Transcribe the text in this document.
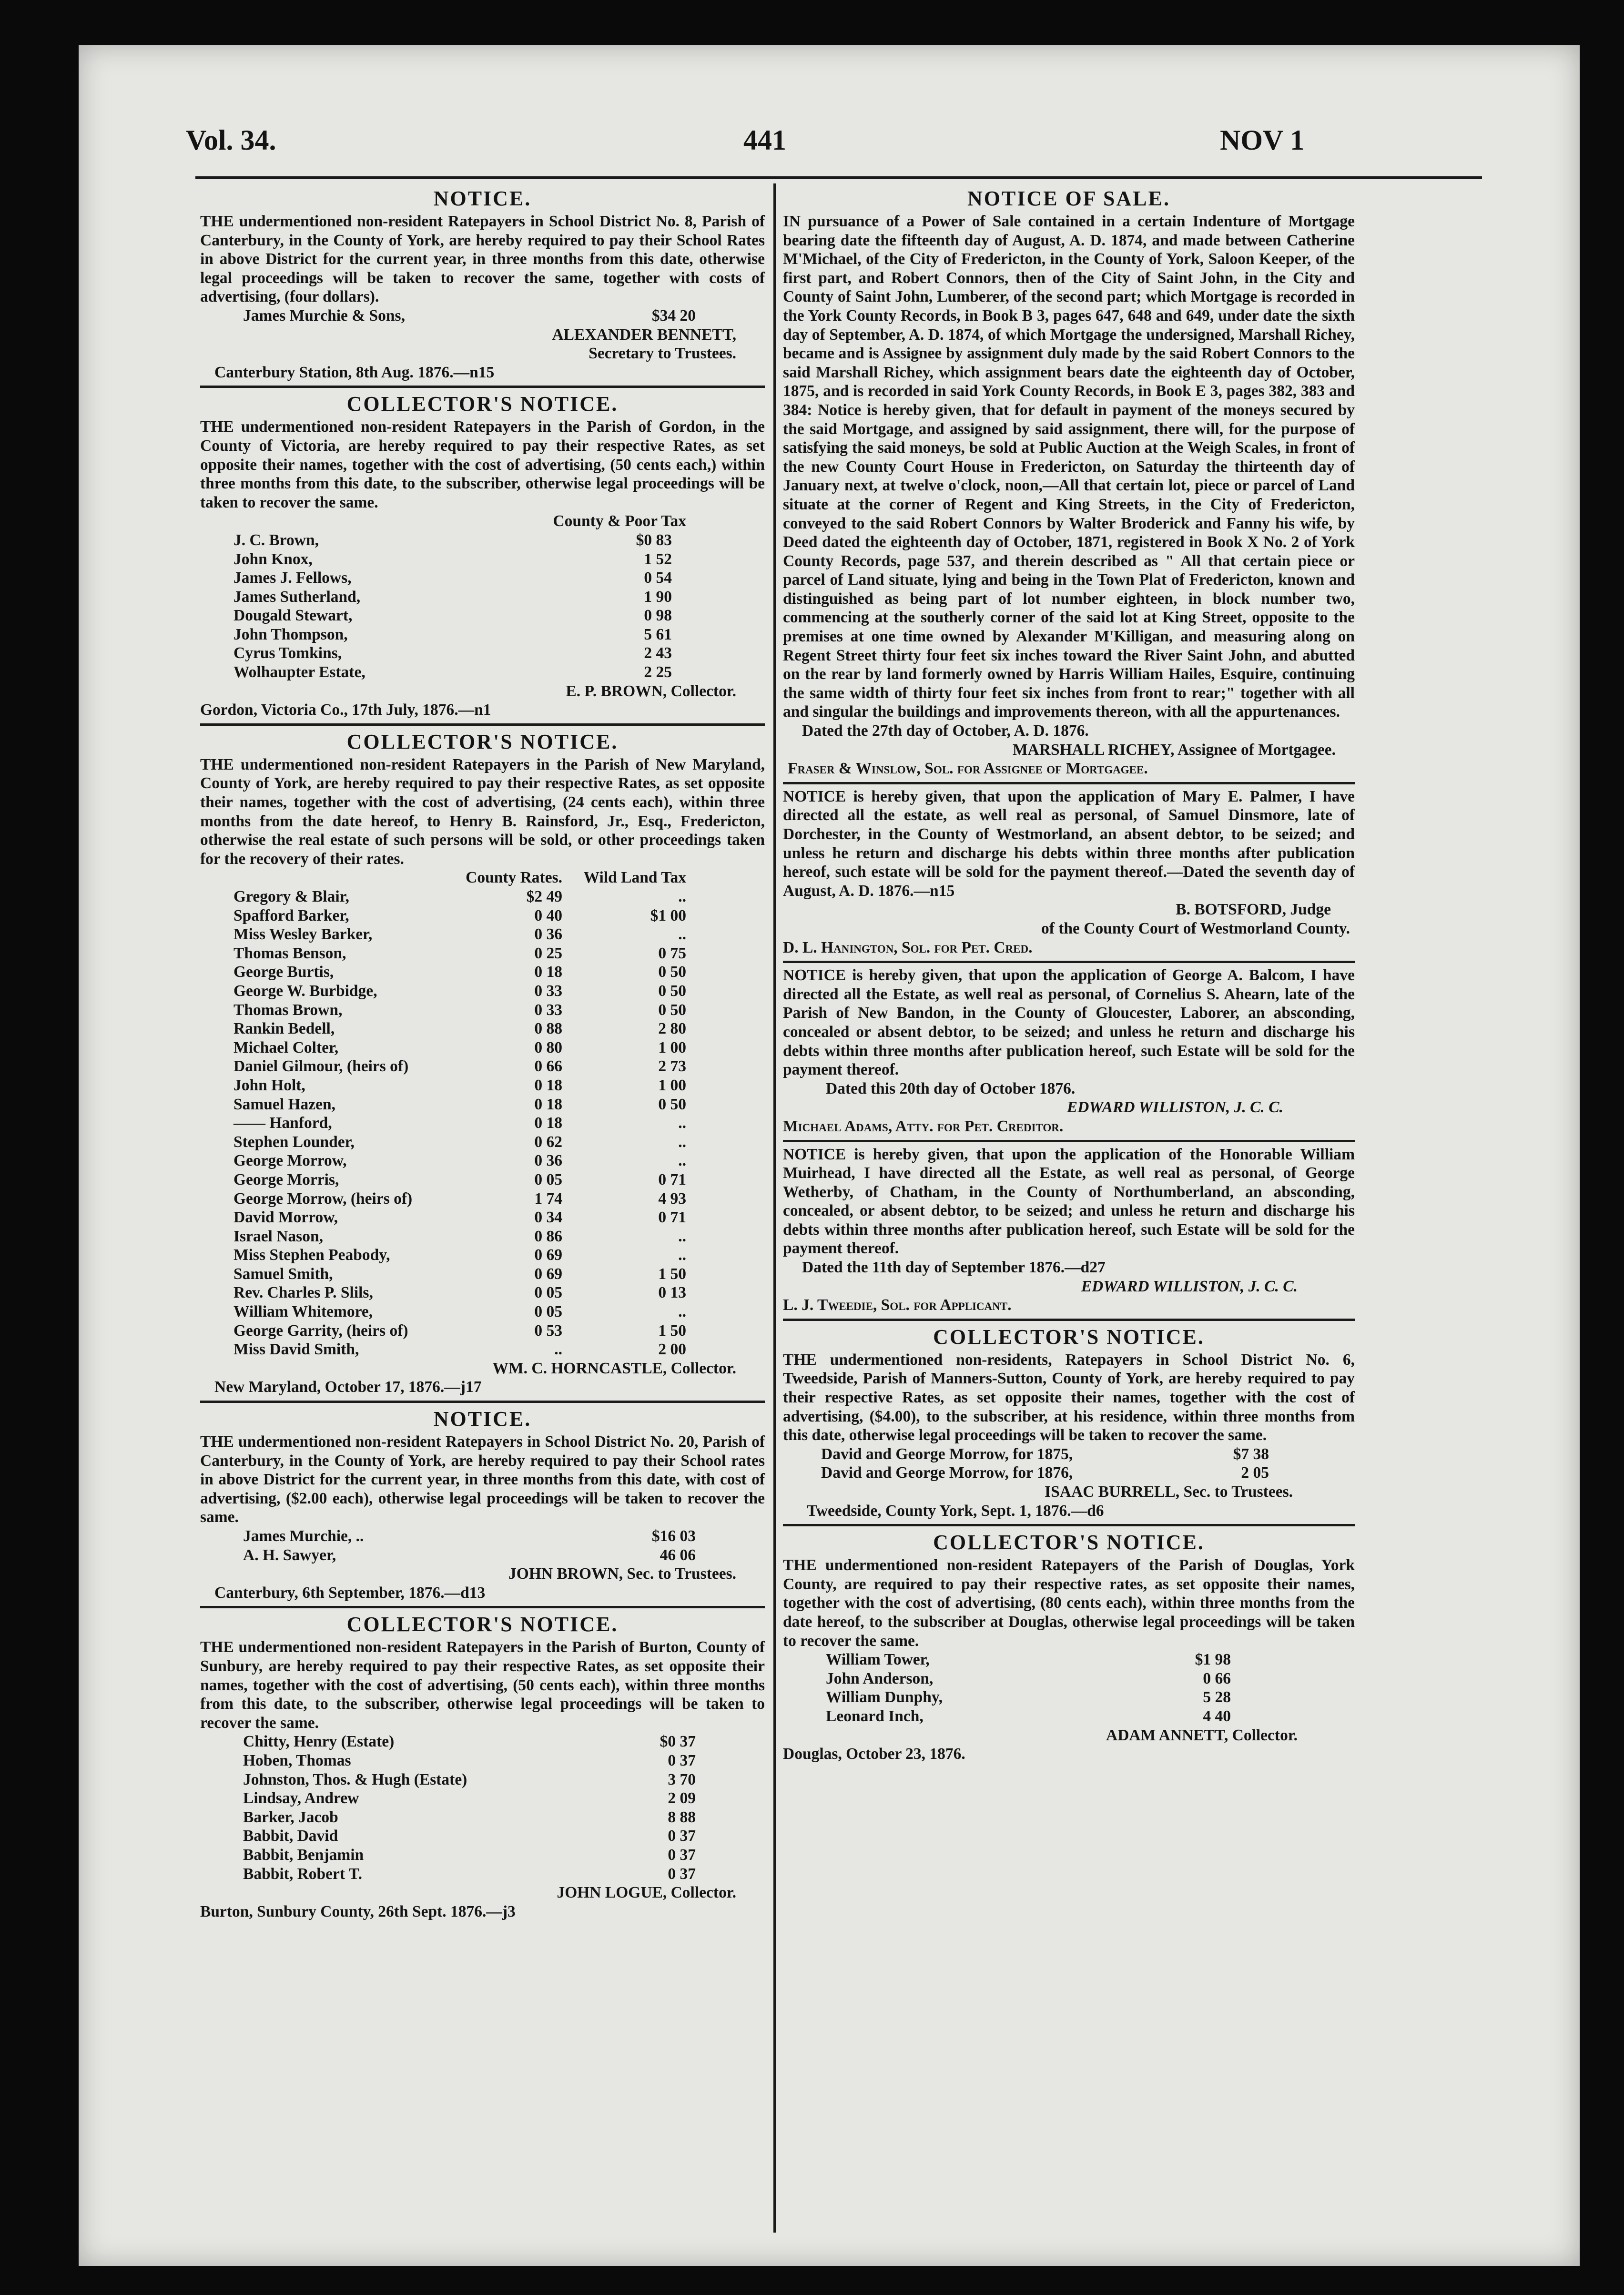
Vol. 34.	441	NOV 1
NOTICE.
THE undermentioned non-resident Ratepayers in School District No. 8, Parish of Canterbury, in the County of York, are hereby required to pay their School Rates in above District for the current year, in three months from this date, otherwise legal proceedings will be taken to recover the same, together with costs of advertising, (four dollars).
James Murchie & Sons,	$34 20
ALEXANDER BENNETT,
Secretary to Trustees.
Canterbury Station, 8th Aug. 1876.—n15
COLLECTOR'S NOTICE.
THE undermentioned non-resident Ratepayers in the Parish of Gordon, in the County of Victoria, are hereby required to pay their respective Rates, as set opposite their names, together with the cost of advertising, (50 cents each,) within three months from this date, to the subscriber, otherwise legal proceedings will be taken to recover the same.
County & Poor Tax
J. C. Brown,	$0 83
John Knox,	1 52
James J. Fellows,	0 54
James Sutherland,	1 90
Dougald Stewart,	0 98
John Thompson,	5 61
Cyrus Tomkins,	2 43
Wolhaupter Estate,	2 25
E. P. BROWN, Collector.
Gordon, Victoria Co., 17th July, 1876.—n1
COLLECTOR'S NOTICE.
THE undermentioned non-resident Ratepayers in the Parish of New Maryland, County of York, are hereby required to pay their respective Rates, as set opposite their names, together with the cost of advertising, (24 cents each), within three months from the date hereof, to Henry B. Rainsford, Jr., Esq., Fredericton, otherwise the real estate of such persons will be sold, or other proceedings taken for the recovery of their rates.
County Rates.	Wild Land Tax
Gregory & Blair,	$2 49	..
Spafford Barker,	0 40	$1 00
Miss Wesley Barker,	0 36	..
Thomas Benson,	0 25	0 75
George Burtis,	0 18	0 50
George W. Burbidge,	0 33	0 50
Thomas Brown,	0 33	0 50
Rankin Bedell,	0 88	2 80
Michael Colter,	0 80	1 00
Daniel Gilmour, (heirs of)	0 66	2 73
John Holt,	0 18	1 00
Samuel Hazen,	0 18	0 50
—— Hanford,	0 18	..
Stephen Lounder,	0 62	..
George Morrow,	0 36	..
George Morris,	0 05	0 71
George Morrow, (heirs of)	1 74	4 93
David Morrow,	0 34	0 71
Israel Nason,	0 86	..
Miss Stephen Peabody,	0 69	..
Samuel Smith,	0 69	1 50
Rev. Charles P. Slils,	0 05	0 13
William Whitemore,	0 05	..
George Garrity, (heirs of)	0 53	1 50
Miss David Smith,	..	2 00
WM. C. HORNCASTLE, Collector.
New Maryland, October 17, 1876.—j17
NOTICE.
THE undermentioned non-resident Ratepayers in School District No. 20, Parish of Canterbury, in the County of York, are hereby required to pay their School rates in above District for the current year, in three months from this date, with cost of advertising, ($2.00 each), otherwise legal proceedings will be taken to recover the same.
James Murchie, ..	$16 03
A. H. Sawyer,	46 06
JOHN BROWN, Sec. to Trustees.
Canterbury, 6th September, 1876.—d13
COLLECTOR'S NOTICE.
THE undermentioned non-resident Ratepayers in the Parish of Burton, County of Sunbury, are hereby required to pay their respective Rates, as set opposite their names, together with the cost of advertising, (50 cents each), within three months from this date, to the subscriber, otherwise legal proceedings will be taken to recover the same.
Chitty, Henry (Estate)	$0 37
Hoben, Thomas	0 37
Johnston, Thos. & Hugh (Estate)	3 70
Lindsay, Andrew	2 09
Barker, Jacob	8 88
Babbit, David	0 37
Babbit, Benjamin	0 37
Babbit, Robert T.	0 37
JOHN LOGUE, Collector.
Burton, Sunbury County, 26th Sept. 1876.—j3
NOTICE OF SALE.
IN pursuance of a Power of Sale contained in a certain Indenture of Mortgage bearing date the fifteenth day of August, A. D. 1874, and made between Catherine M'Michael, of the City of Fredericton, in the County of York, Saloon Keeper, of the first part, and Robert Connors, then of the City of Saint John, in the City and County of Saint John, Lumberer, of the second part; which Mortgage is recorded in the York County Records, in Book B 3, pages 647, 648 and 649, under date the sixth day of September, A. D. 1874, of which Mortgage the undersigned, Marshall Richey, became and is Assignee by assignment duly made by the said Robert Connors to the said Marshall Richey, which assignment bears date the eighteenth day of October, 1875, and is recorded in said York County Records, in Book E 3, pages 382, 383 and 384: Notice is hereby given, that for default in payment of the moneys secured by the said Mortgage, and assigned by said assignment, there will, for the purpose of satisfying the said moneys, be sold at Public Auction at the Weigh Scales, in front of the new County Court House in Fredericton, on Saturday the thirteenth day of January next, at twelve o'clock, noon,—All that certain lot, piece or parcel of Land situate at the corner of Regent and King Streets, in the City of Fredericton, conveyed to the said Robert Connors by Walter Broderick and Fanny his wife, by Deed dated the eighteenth day of October, 1871, registered in Book X No. 2 of York County Records, page 537, and therein described as " All that certain piece or parcel of Land situate, lying and being in the Town Plat of Fredericton, known and distinguished as being part of lot number eighteen, in block number two, commencing at the southerly corner of the said lot at King Street, opposite to the premises at one time owned by Alexander M'Killigan, and measuring along on Regent Street thirty four feet six inches toward the River Saint John, and abutted on the rear by land formerly owned by Harris William Hailes, Esquire, continuing the same width of thirty four feet six inches from front to rear;" together with all and singular the buildings and improvements thereon, with all the appurtenances.
Dated the 27th day of October, A. D. 1876.
MARSHALL RICHEY, Assignee of Mortgagee.
Fraser & Winslow, Sol. for Assignee of Mortgagee.
NOTICE is hereby given, that upon the application of Mary E. Palmer, I have directed all the estate, as well real as personal, of Samuel Dinsmore, late of Dorchester, in the County of Westmorland, an absent debtor, to be seized; and unless he return and discharge his debts within three months after publication hereof, such estate will be sold for the payment thereof.—Dated the seventh day of August, A. D. 1876.—n15
B. BOTSFORD, Judge
of the County Court of Westmorland County.
D. L. Hanington, Sol. for Pet. Cred.
NOTICE is hereby given, that upon the application of George A. Balcom, I have directed all the Estate, as well real as personal, of Cornelius S. Ahearn, late of the Parish of New Bandon, in the County of Gloucester, Laborer, an absconding, concealed or absent debtor, to be seized; and unless he return and discharge his debts within three months after publication hereof, such Estate will be sold for the payment thereof.
Dated this 20th day of October 1876.
EDWARD WILLISTON, J. C. C.
Michael Adams, Atty. for Pet. Creditor.
NOTICE is hereby given, that upon the application of the Honorable William Muirhead, I have directed all the Estate, as well real as personal, of George Wetherby, of Chatham, in the County of Northumberland, an absconding, concealed, or absent debtor, to be seized; and unless he return and discharge his debts within three months after publication hereof, such Estate will be sold for the payment thereof.
Dated the 11th day of September 1876.—d27
EDWARD WILLISTON, J. C. C.
L. J. Tweedie, Sol. for Applicant.
COLLECTOR'S NOTICE.
THE undermentioned non-residents, Ratepayers in School District No. 6, Tweedside, Parish of Manners-Sutton, County of York, are hereby required to pay their respective Rates, as set opposite their names, together with the cost of advertising, ($4.00), to the subscriber, at his residence, within three months from this date, otherwise legal proceedings will be taken to recover the same.
David and George Morrow, for 1875,	$7 38
David and George Morrow, for 1876,	2 05
ISAAC BURRELL, Sec. to Trustees.
Tweedside, County York, Sept. 1, 1876.—d6
COLLECTOR'S NOTICE.
THE undermentioned non-resident Ratepayers of the Parish of Douglas, York County, are required to pay their respective rates, as set opposite their names, together with the cost of advertising, (80 cents each), within three months from the date hereof, to the subscriber at Douglas, otherwise legal proceedings will be taken to recover the same.
William Tower,	$1 98
John Anderson,	0 66
William Dunphy,	5 28
Leonard Inch,	4 40
ADAM ANNETT, Collector.
Douglas, October 23, 1876.
